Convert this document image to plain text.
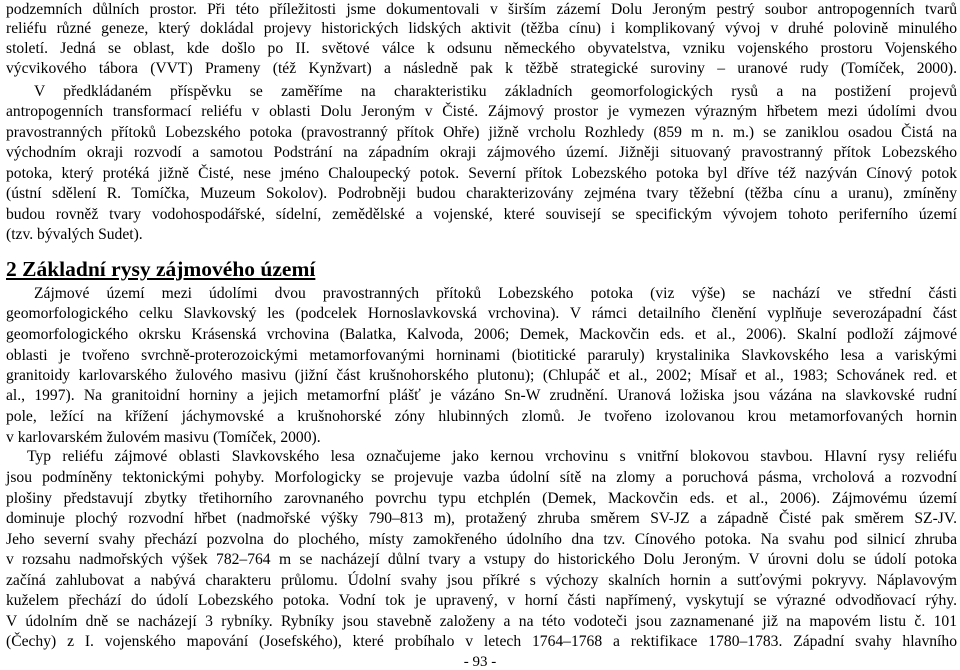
podzemních důlních prostor. Při této příležitosti jsme dokumentovali v širším zázemí Dolu Jeroným pestrý soubor antropogenních tvarů
reliéfu různé geneze, který dokládal projevy historických lidských aktivit (těžba cínu) i komplikovaný vývoj v druhé polovině minulého
století. Jedná se oblast, kde došlo po II. světové válce k odsunu německého obyvatelstva, vzniku vojenského prostoru Vojenského
výcvikového tábora (VVT) Prameny (též Kynžvart) a následně pak k těžbě strategické suroviny – uranové rudy (Tomíček, 2000).
V předkládaném příspěvku se zaměříme na charakteristiku základních geomorfologických rysů a na postižení projevů
antropogenních transformací reliéfu v oblasti Dolu Jeroným v Čisté. Zájmový prostor je vymezen výrazným hřbetem mezi údolími dvou
pravostranných přítoků Lobezského potoka (pravostranný přítok Ohře) jižně vrcholu Rozhledy (859 m n. m.) se zaniklou osadou Čistá na
východním okraji rozvodí a samotou Podstrání na západním okraji zájmového území. Jižněji situovaný pravostranný přítok Lobezského
potoka, který protéká jižně Čisté, nese jméno Chaloupecký potok. Severní přítok Lobezského potoka byl dříve též nazýván Cínový potok
(ústní sdělení R. Tomíčka, Muzeum Sokolov). Podrobněji budou charakterizovány zejména tvary těžební (těžba cínu a uranu), zmíněny
budou rovněž tvary vodohospodářské, sídelní, zemědělské a vojenské, které souvisejí se specifickým vývojem tohoto periferního území
(tzv. bývalých Sudet).
2 Základní rysy zájmového území
Zájmové území mezi údolími dvou pravostranných přítoků Lobezského potoka (viz výše) se nachází ve střední části
geomorfologického celku Slavkovský les (podcelek Hornoslavkovská vrchovina). V rámci detailního členění vyplňuje severozápadní část
geomorfologického okrsku Krásenská vrchovina (Balatka, Kalvoda, 2006; Demek, Mackovčin eds. et al., 2006). Skalní podloží zájmové
oblasti je tvořeno svrchně-proterozoickými metamorfovanými horninami (biotitické pararuly) krystalinika Slavkovského lesa a variskými
granitoidy karlovarského žulového masivu (jižní část krušnohorského plutonu); (Chlupáč et al., 2002; Mísař et al., 1983; Schovánek red. et
al., 1997). Na granitoidní horniny a jejich metamorfní plášť je vázáno Sn-W zrudnění. Uranová ložiska jsou vázána na slavkovské rudní
pole, ležící na křížení jáchymovské a krušnohorské zóny hlubinných zlomů. Je tvořeno izolovanou krou metamorfovaných hornin
v karlovarském žulovém masivu (Tomíček, 2000).
Typ reliéfu zájmové oblasti Slavkovského lesa označujeme jako kernou vrchovinu s vnitřní blokovou stavbou. Hlavní rysy reliéfu
jsou podmíněny tektonickými pohyby. Morfologicky se projevuje vazba údolní sítě na zlomy a poruchová pásma, vrcholová a rozvodní
plošiny představují zbytky třetihorního zarovnaného povrchu typu etchplén (Demek, Mackovčin eds. et al., 2006). Zájmovému území
dominuje plochý rozvodní hřbet (nadmořské výšky 790–813 m), protažený zhruba směrem SV-JZ a západně Čisté pak směrem SZ-JV.
Jeho severní svahy přechází pozvolna do plochého, místy zamokřeného údolního dna tzv. Cínového potoka. Na svahu pod silnicí zhruba
v rozsahu nadmořských výšek 782–764 m se nacházejí důlní tvary a vstupy do historického Dolu Jeroným. V úrovni dolu se údolí potoka
začíná zahlubovat a nabývá charakteru průlomu. Údolní svahy jsou příkré s výchozy skalních hornin a sutťovými pokryvy. Náplavovým
kuželem přechází do údolí Lobezského potoka. Vodní tok je upravený, v horní části napřímený, vyskytují se výrazné odvodňovací rýhy.
V údolním dně se nacházejí 3 rybníky. Rybníky jsou stavebně založeny a na této vodoteči jsou zaznamenané již na mapovém listu č. 101
(Čechy) z I. vojenského mapování (Josefského), které probíhalo v letech 1764–1768 a rektifikace 1780–1783. Západní svahy hlavního
- 93 -
